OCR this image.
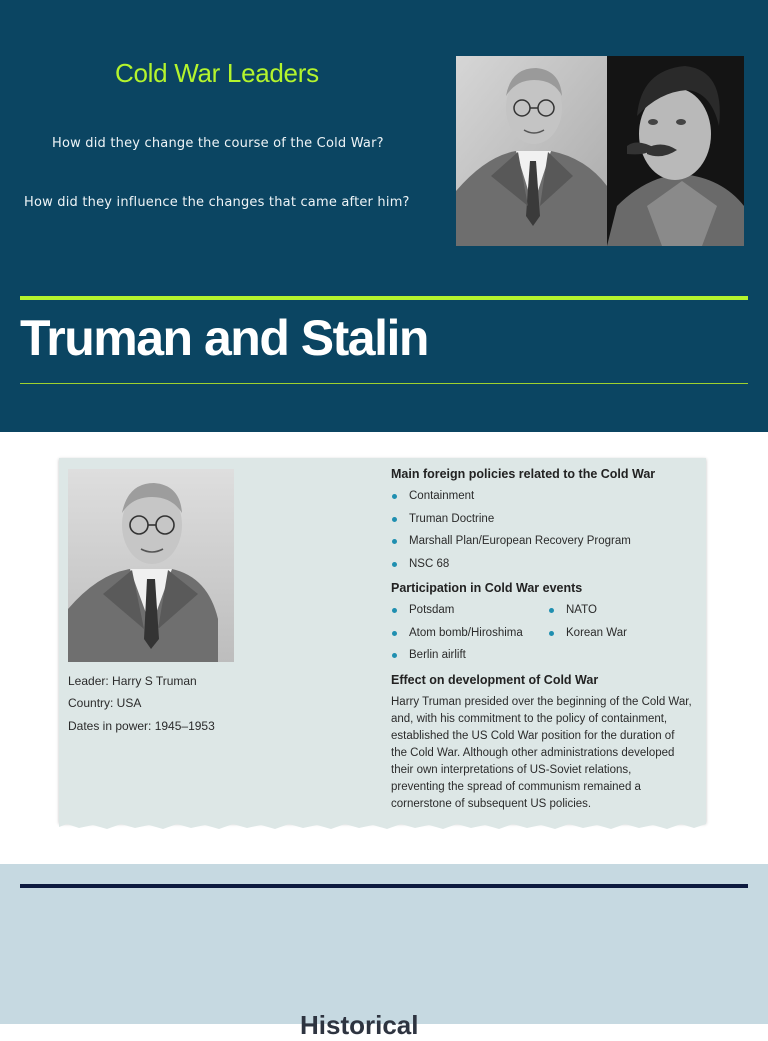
Cold War Leaders
How did they change the course of the Cold War?
How did they influence the changes that came after him?
Truman and Stalin
Leader: Harry S Truman
Country: USA
Dates in power: 1945–1953
Main foreign policies related to the Cold War
Containment
Truman Doctrine
Marshall Plan/European Recovery Program
NSC 68
Participation in Cold War events
Potsdam
Atom bomb/Hiroshima
Berlin airlift
NATO
Korean War
Effect on development of Cold War
Harry Truman presided over the beginning of the Cold War,
and, with his commitment to the policy of containment,
established the US Cold War position for the duration of
the Cold War. Although other administrations developed
their own interpretations of US-Soviet relations,
preventing the spread of communism remained a
cornerstone of subsequent US policies.
Historical
